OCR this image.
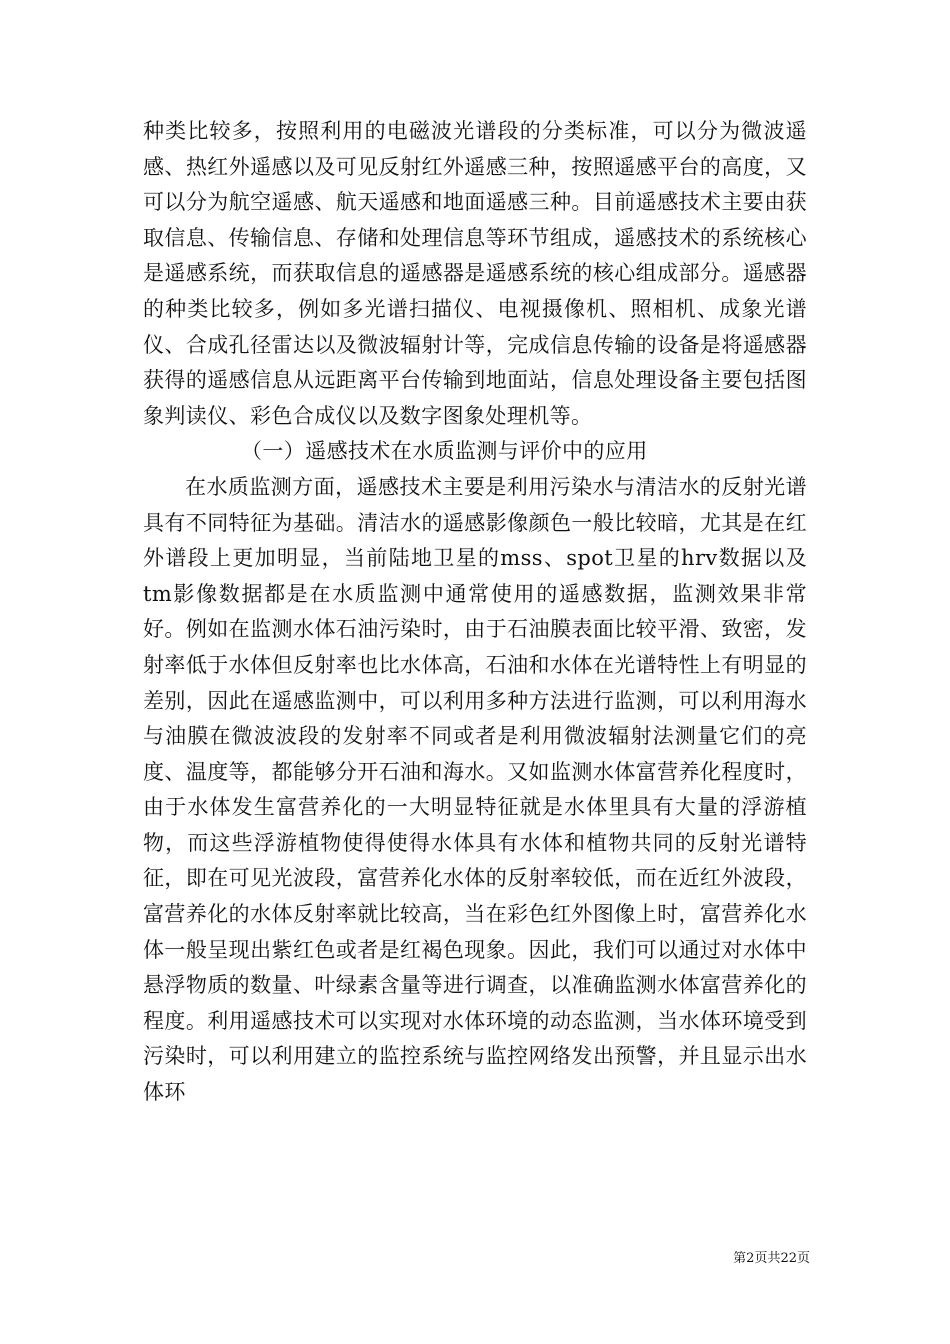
种类比较多，按照利用的电磁波光谱段的分类标准，可以分为微波遥感、热红外遥感以及可见反射红外遥感三种，按照遥感平台的高度，又可以分为航空遥感、航天遥感和地面遥感三种。目前遥感技术主要由获取信息、传输信息、存储和处理信息等环节组成，遥感技术的系统核心是遥感系统，而获取信息的遥感器是遥感系统的核心组成部分。遥感器的种类比较多，例如多光谱扫描仪、电视摄像机、照相机、成象光谱仪、合成孔径雷达以及微波辐射计等，完成信息传输的设备是将遥感器获得的遥感信息从远距离平台传输到地面站，信息处理设备主要包括图象判读仪、彩色合成仪以及数字图象处理机等。

（一）遥感技术在水质监测与评价中的应用

在水质监测方面，遥感技术主要是利用污染水与清洁水的反射光谱具有不同特征为基础。清洁水的遥感影像颜色一般比较暗，尤其是在红外谱段上更加明显，当前陆地卫星的mss、spot卫星的hrv数据以及tm影像数据都是在水质监测中通常使用的遥感数据，监测效果非常好。例如在监测水体石油污染时，由于石油膜表面比较平滑、致密，发射率低于水体但反射率也比水体高，石油和水体在光谱特性上有明显的差别，因此在遥感监测中，可以利用多种方法进行监测，可以利用海水与油膜在微波波段的发射率不同或者是利用微波辐射法测量它们的亮度、温度等，都能够分开石油和海水。又如监测水体富营养化程度时，由于水体发生富营养化的一大明显特征就是水体里具有大量的浮游植物，而这些浮游植物使得使得水体具有水体和植物共同的反射光谱特征，即在可见光波段，富营养化水体的反射率较低，而在近红外波段，富营养化的水体反射率就比较高，当在彩色红外图像上时，富营养化水体一般呈现出紫红色或者是红褐色现象。因此，我们可以通过对水体中悬浮物质的数量、叶绿素含量等进行调查，以准确监测水体富营养化的程度。利用遥感技术可以实现对水体环境的动态监测，当水体环境受到污染时，可以利用建立的监控系统与监控网络发出预警，并且显示出水体环

第2页共22页
